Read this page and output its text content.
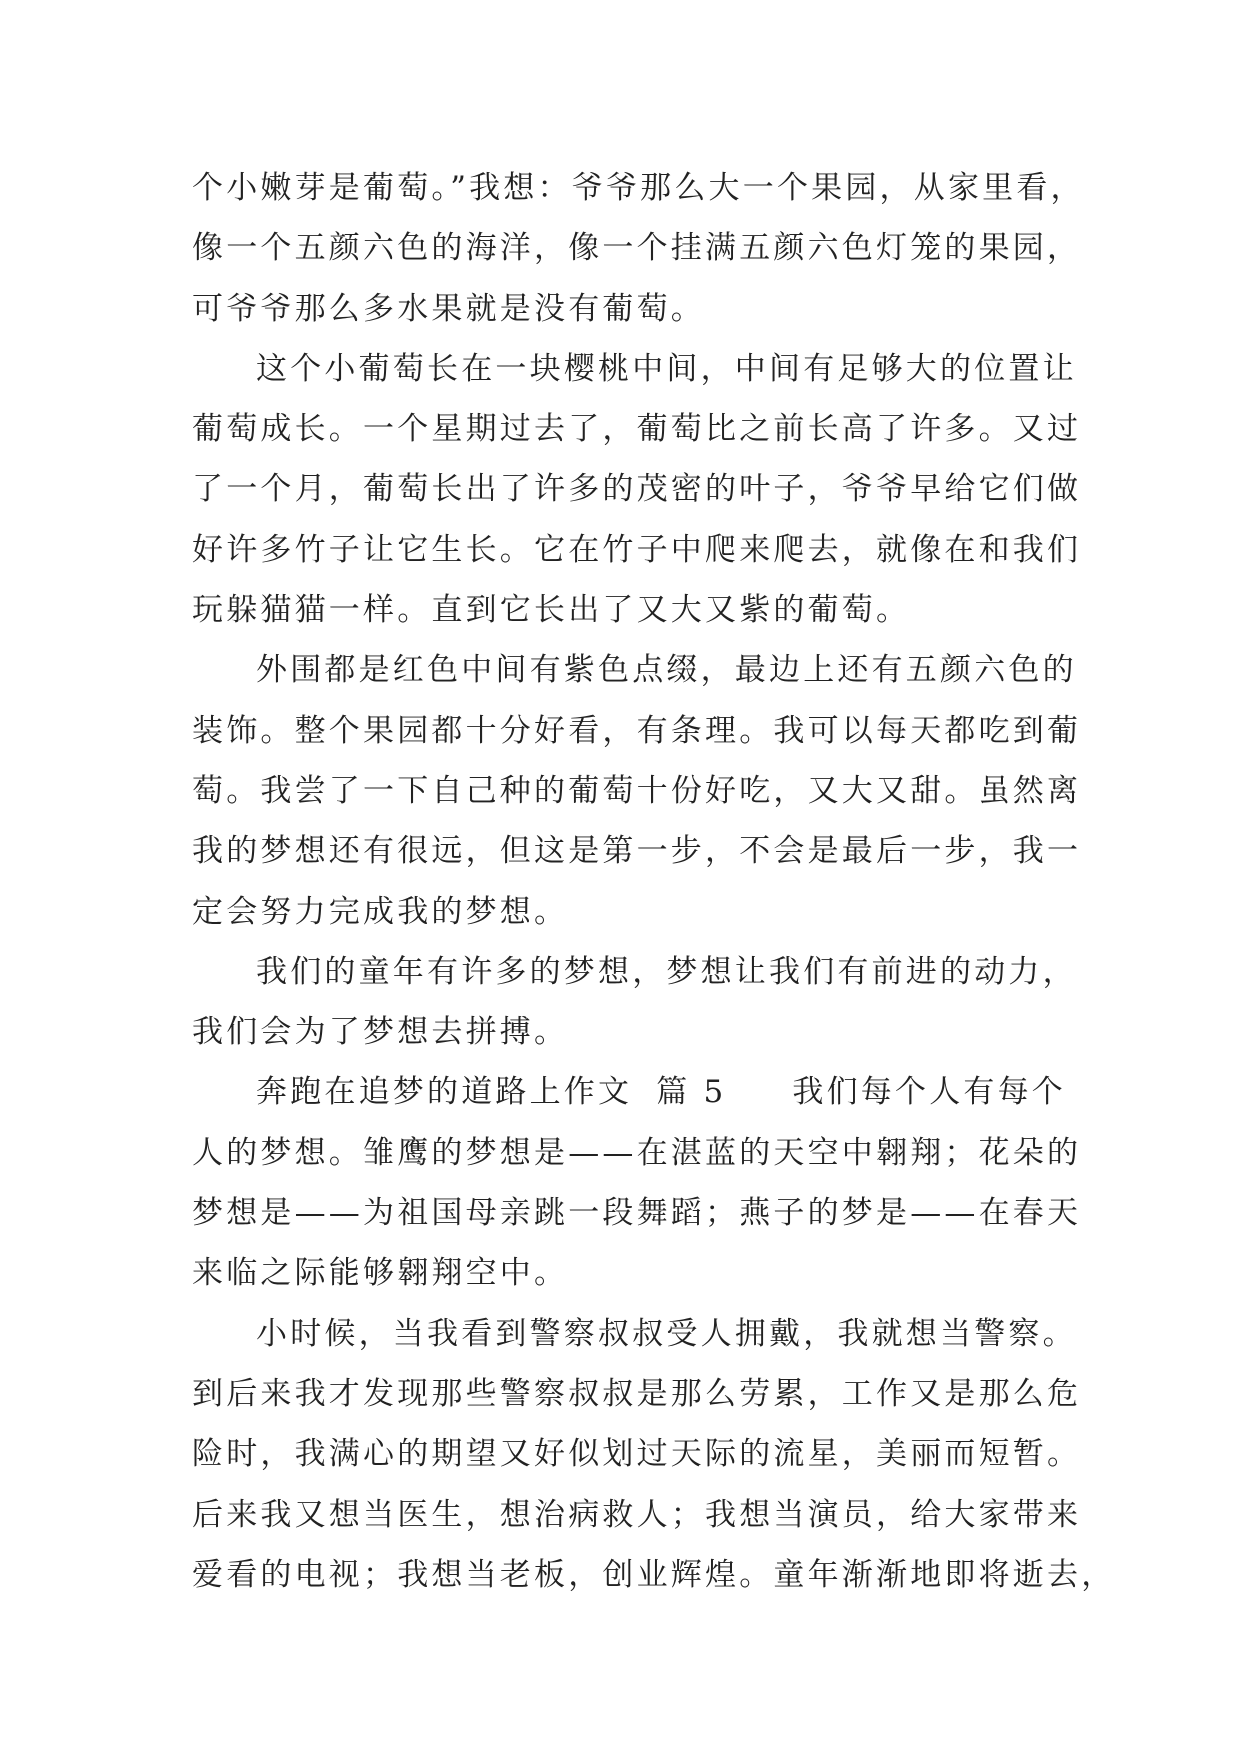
个小嫩芽是葡萄。”我想：爷爷那么大一个果园，从家里看，

像一个五颜六色的海洋，像一个挂满五颜六色灯笼的果园，

可爷爷那么多水果就是没有葡萄。

这个小葡萄长在一块樱桃中间，中间有足够大的位置让

葡萄成长。一个星期过去了，葡萄比之前长高了许多。又过

了一个月，葡萄长出了许多的茂密的叶子，爷爷早给它们做

好许多竹子让它生长。它在竹子中爬来爬去，就像在和我们

玩躲猫猫一样。直到它长出了又大又紫的葡萄。

外围都是红色中间有紫色点缀，最边上还有五颜六色的

装饰。整个果园都十分好看，有条理。我可以每天都吃到葡

萄。我尝了一下自己种的葡萄十份好吃，又大又甜。虽然离

我的梦想还有很远，但这是第一步，不会是最后一步，我一

定会努力完成我的梦想。

我们的童年有许多的梦想，梦想让我们有前进的动力，

我们会为了梦想去拼搏。

奔跑在追梦的道路上作文 篇 5 我们每个人有每个

人的梦想。雏鹰的梦想是——在湛蓝的天空中翱翔；花朵的

梦想是——为祖国母亲跳一段舞蹈；燕子的梦是——在春天

来临之际能够翱翔空中。

小时候，当我看到警察叔叔受人拥戴，我就想当警察。

到后来我才发现那些警察叔叔是那么劳累，工作又是那么危

险时，我满心的期望又好似划过天际的流星，美丽而短暂。

后来我又想当医生，想治病救人；我想当演员，给大家带来

爱看的电视；我想当老板，创业辉煌。童年渐渐地即将逝去，
